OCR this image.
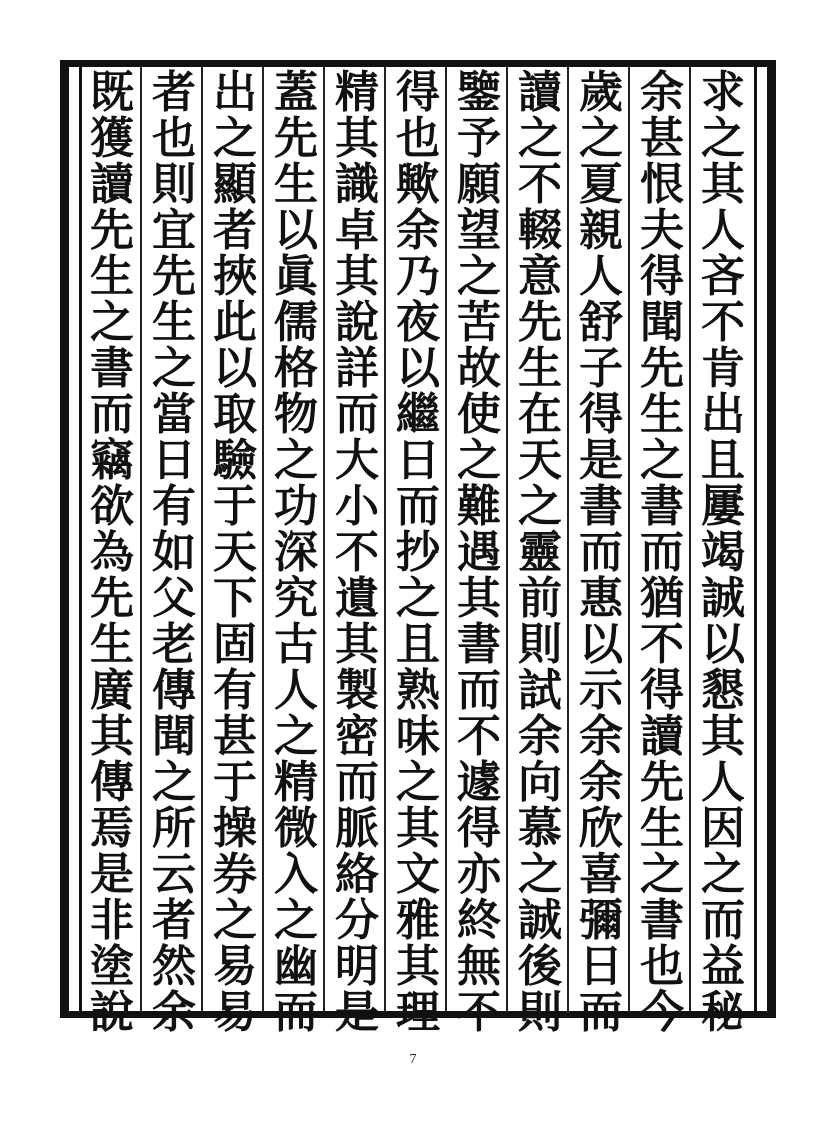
求
之
其
人
吝
不
肯
出
且
屢
竭
誠
以
懇
其
人
因
之
而
益
秘
余
甚
恨
夫
得
聞
先
生
之
書
而
猶
不
得
讀
先
生
之
書
也
今
歲
之
夏
親
人
舒
子
得
是
書
而
惠
以
示
余
余
欣
喜
彌
日
而
讀
之
不
輟
意
先
生
在
天
之
靈
前
則
試
余
向
慕
之
誠
後
則
鑒
予
願
望
之
苦
故
使
之
難
遇
其
書
而
不
遽
得
亦
終
無
不
得
也
歟
余
乃
夜
以
繼
日
而
抄
之
且
熟
味
之
其
文
雅
其
理
精
其
識
卓
其
說
詳
而
大
小
不
遺
其
製
密
而
脈
絡
分
明
是
蓋
先
生
以
眞
儒
格
物
之
功
深
究
古
人
之
精
微
入
之
幽
而
出
之
顯
者
挾
此
以
取
驗
于
天
下
固
有
甚
于
操
券
之
易
易
者
也
則
宜
先
生
之
當
日
有
如
父
老
傳
聞
之
所
云
者
然
余
既
獲
讀
先
生
之
書
而
竊
欲
為
先
生
廣
其
傳
焉
是
非
塗
說
7
